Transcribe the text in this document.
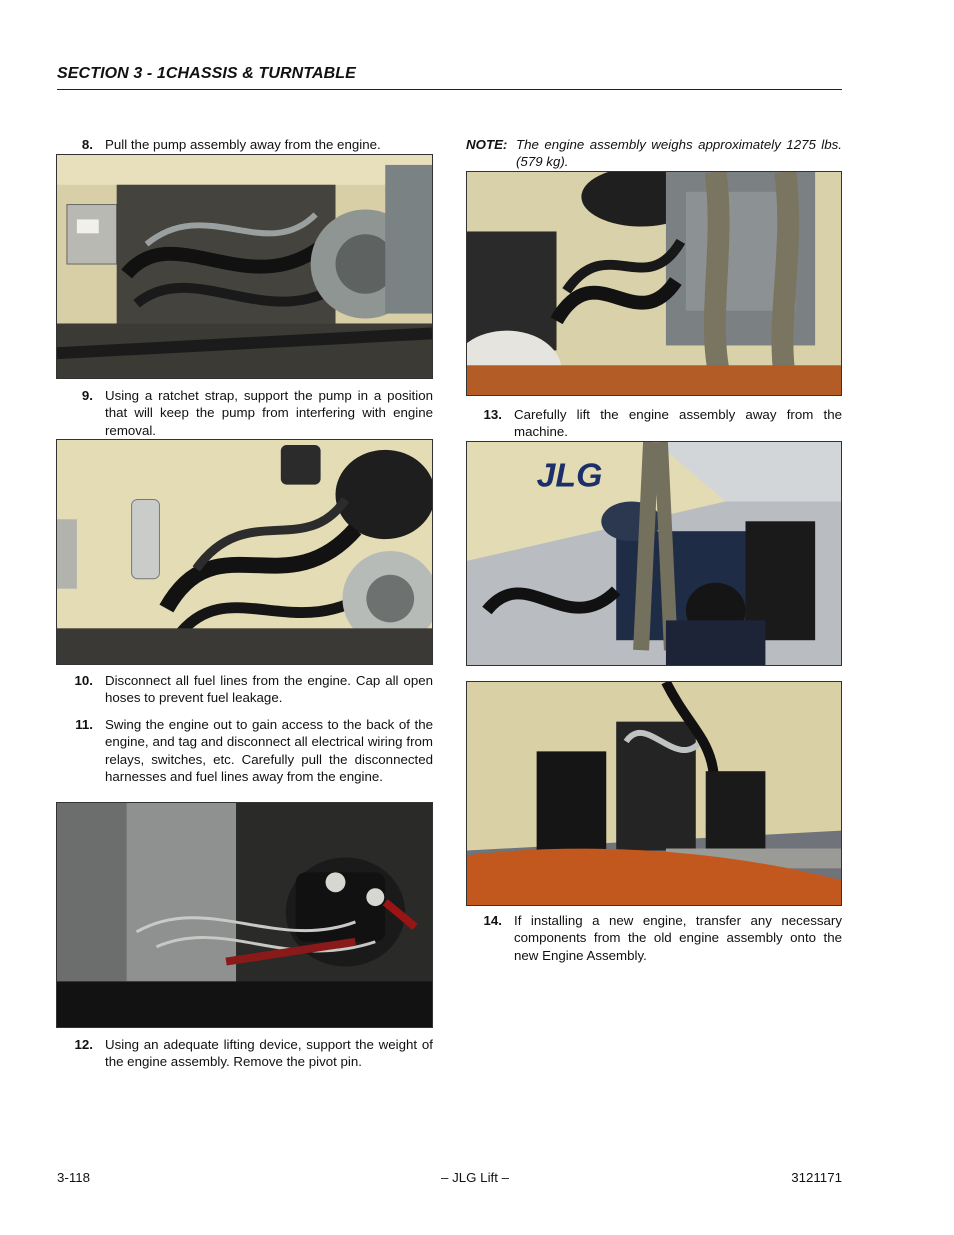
SECTION 3 - 1CHASSIS & TURNTABLE
8. Pull the pump assembly away from the engine.
9. Using a ratchet strap, support the pump in a position that will keep the pump from interfering with engine removal.
10. Disconnect all fuel lines from the engine. Cap all open hoses to prevent fuel leakage.
11. Swing the engine out to gain access to the back of the engine, and tag and disconnect all electrical wiring from relays, switches, etc. Carefully pull the disconnected harnesses and fuel lines away from the engine.
12. Using an adequate lifting device, support the weight of the engine assembly. Remove the pivot pin.
NOTE: The engine assembly weighs approximately 1275 lbs. (579 kg).
13. Carefully lift the engine assembly away from the machine.
JLG
14. If installing a new engine, transfer any necessary components from the old engine assembly onto the new Engine Assembly.
3-118	– JLG Lift –	3121171
